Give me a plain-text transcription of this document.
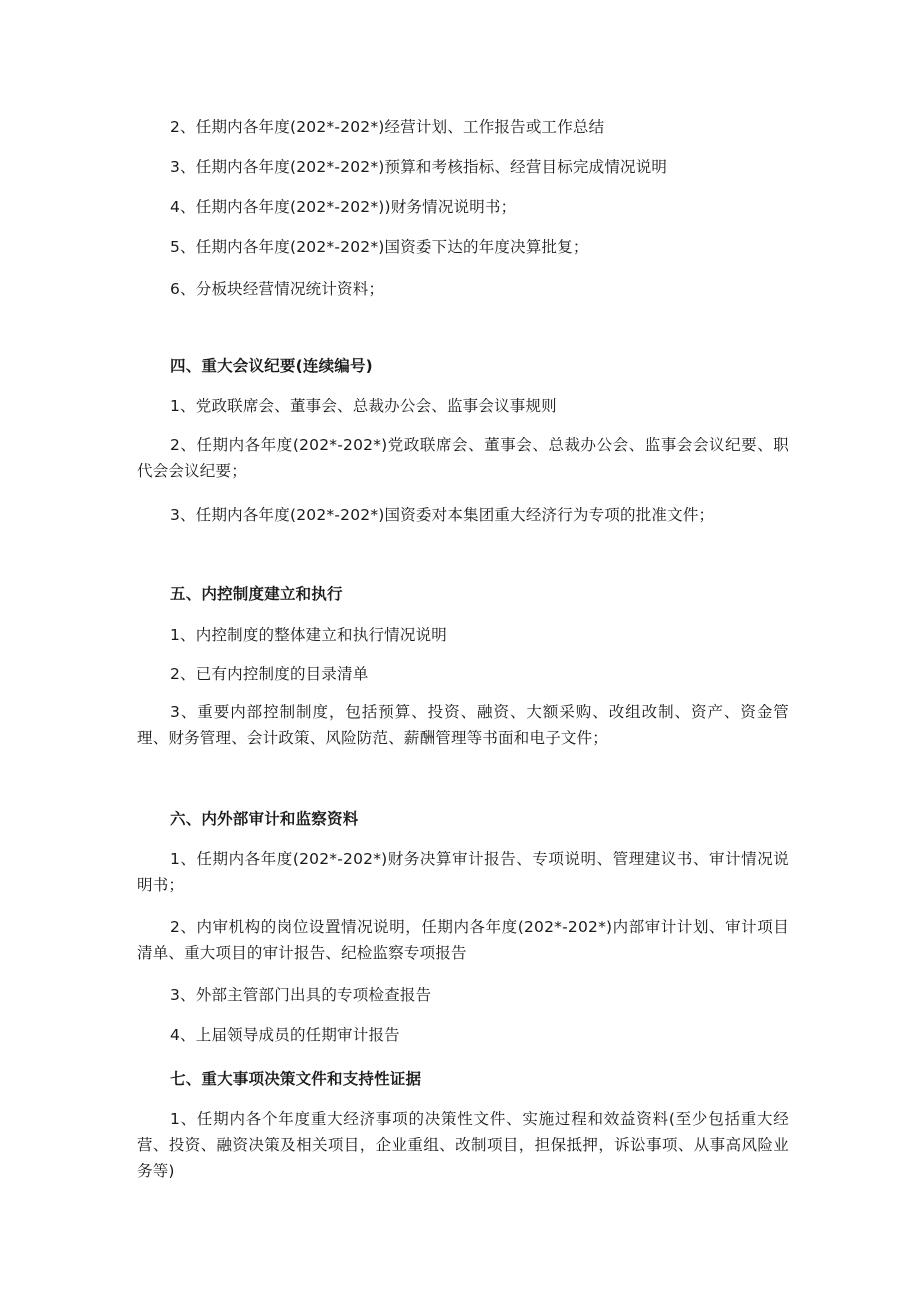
2、任期内各年度(202*-202*)经营计划、工作报告或工作总结
3、任期内各年度(202*-202*)预算和考核指标、经营目标完成情况说明
4、任期内各年度(202*-202*))财务情况说明书；
5、任期内各年度(202*-202*)国资委下达的年度决算批复；
6、分板块经营情况统计资料；
四、重大会议纪要(连续编号)
1、党政联席会、董事会、总裁办公会、监事会议事规则
2、任期内各年度(202*-202*)党政联席会、董事会、总裁办公会、监事会会议纪要、职代会会议纪要；
3、任期内各年度(202*-202*)国资委对本集团重大经济行为专项的批准文件；
五、内控制度建立和执行
1、内控制度的整体建立和执行情况说明
2、已有内控制度的目录清单
3、重要内部控制制度，包括预算、投资、融资、大额采购、改组改制、资产、资金管理、财务管理、会计政策、风险防范、薪酬管理等书面和电子文件；
六、内外部审计和监察资料
1、任期内各年度(202*-202*)财务决算审计报告、专项说明、管理建议书、审计情况说明书；
2、内审机构的岗位设置情况说明，任期内各年度(202*-202*)内部审计计划、审计项目清单、重大项目的审计报告、纪检监察专项报告
3、外部主管部门出具的专项检查报告
4、上届领导成员的任期审计报告
七、重大事项决策文件和支持性证据
1、任期内各个年度重大经济事项的决策性文件、实施过程和效益资料(至少包括重大经营、投资、融资决策及相关项目，企业重组、改制项目，担保抵押，诉讼事项、从事高风险业务等)
